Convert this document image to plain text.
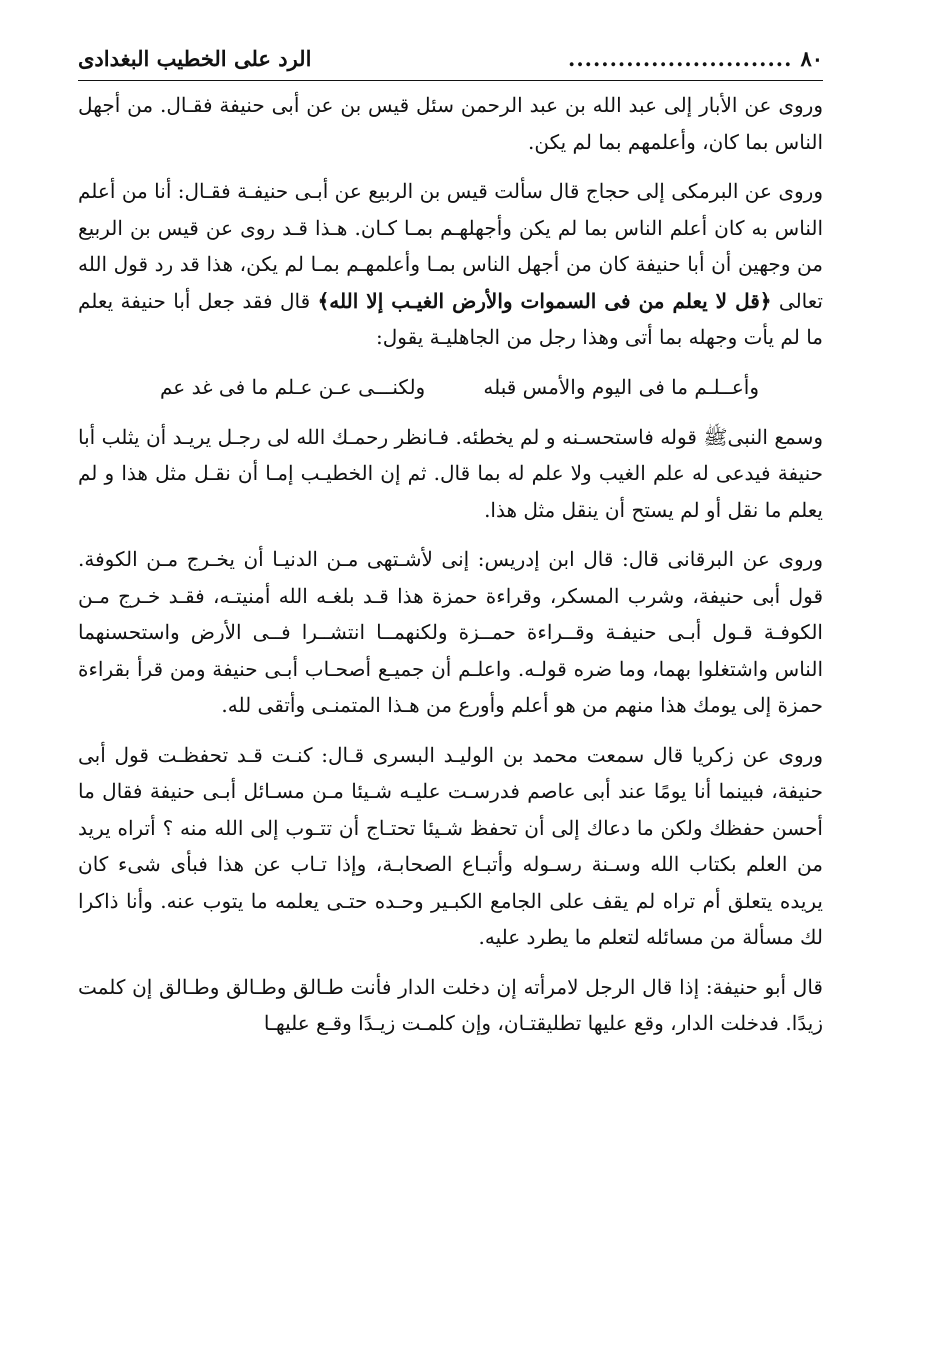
٨٠
...........................
الرد على الخطيب البغدادى

وروى عن الأبار إلى عبد الله بن عبد الرحمن سئل قيس بن عن أبى حنيفة فقـال. من أجهل الناس بما كان، وأعلمهم بما لم يكن.

وروى عن البرمكى إلى حجاج قال سألت قيس بن الربيع عن أبـى حنيفـة فقـال: أنا من أعلم الناس به كان أعلم الناس بما لم يكن وأجهلهـم بمـا كـان. هـذا قـد روى عن قيس بن الربيع من وجهين أن أبا حنيفة كان من أجهل الناس بمـا وأعلمهـم بمـا لم يكن، هذا قد رد قول الله تعالى ﴿قل لا يعلم من فى السموات والأرض الغيـب إلا الله﴾ قال فقد جعل أبا حنيفة يعلم ما لم يأت وجهله بما أتى وهذا رجل من الجاهليـة يقول:

وأعــلـم ما فى اليوم والأمس قبله
ولكنـــى عـن عـلم ما فى غد عم

وسمع النبىﷺ قوله فاستحسـنه و لم يخطئه. فـانظر رحمـك الله لى رجـل يريـد أن يثلب أبا حنيفة فيدعى له علم الغيب ولا علم له بما قال. ثم إن الخطيـب إمـا أن نقـل مثل هذا و لم يعلم ما نقل أو لم يستح أن ينقل مثل هذا.

وروى عن البرقانى قال: قال ابن إدريس: إنى لأشـتهى مـن الدنيـا أن يخـرج مـن الكوفة. قول أبى حنيفة، وشرب المسكر، وقراءة حمزة هذا قـد بلغـه الله أمنيتـه، فقـد خـرج مـن الكوفـة قـول أبـى حنيفـة وقــراءة حمــزة ولكنهمــا انتشــرا فــى الأرض واستحسنهما الناس واشتغلوا بهما، وما ضره قولـه. واعلـم أن جميـع أصحـاب أبـى حنيفة ومن قرأ بقراءة حمزة إلى يومك هذا منهم من هو أعلم وأورع من هـذا المتمنـى وأتقى لله.

وروى عن زكريا قال سمعت محمد بن الوليـد البسرى قـال: كنـت قـد تحفظـت قول أبى حنيفة، فبينما أنا يومًا عند أبى عاصم فدرسـت عليـه شـيئا مـن مسـائل أبـى حنيفة فقال ما أحسن حفظك ولكن ما دعاك إلى أن تحفظ شـيئا تحتـاج أن تتـوب إلى الله منه ؟ أتراه يريد من العلم بكتاب الله وسـنة رسـوله وأتبـاع الصحابـة، وإذا تـاب عن هذا فبأى شىء كان يريده يتعلق أم تراه لم يقف على الجامع الكبـير وحـده حتـى يعلمه ما يتوب عنه. وأنا ذاكرا لك مسألة من مسائله لتعلم ما يطرد عليه.

قال أبو حنيفة: إذا قال الرجل لامرأته إن دخلت الدار فأنت طـالق وطـالق وطـالق إن كلمت زيدًا. فدخلت الدار، وقع عليها تطليقتـان، وإن كلمـت زيـدًا وقـع عليهـا
